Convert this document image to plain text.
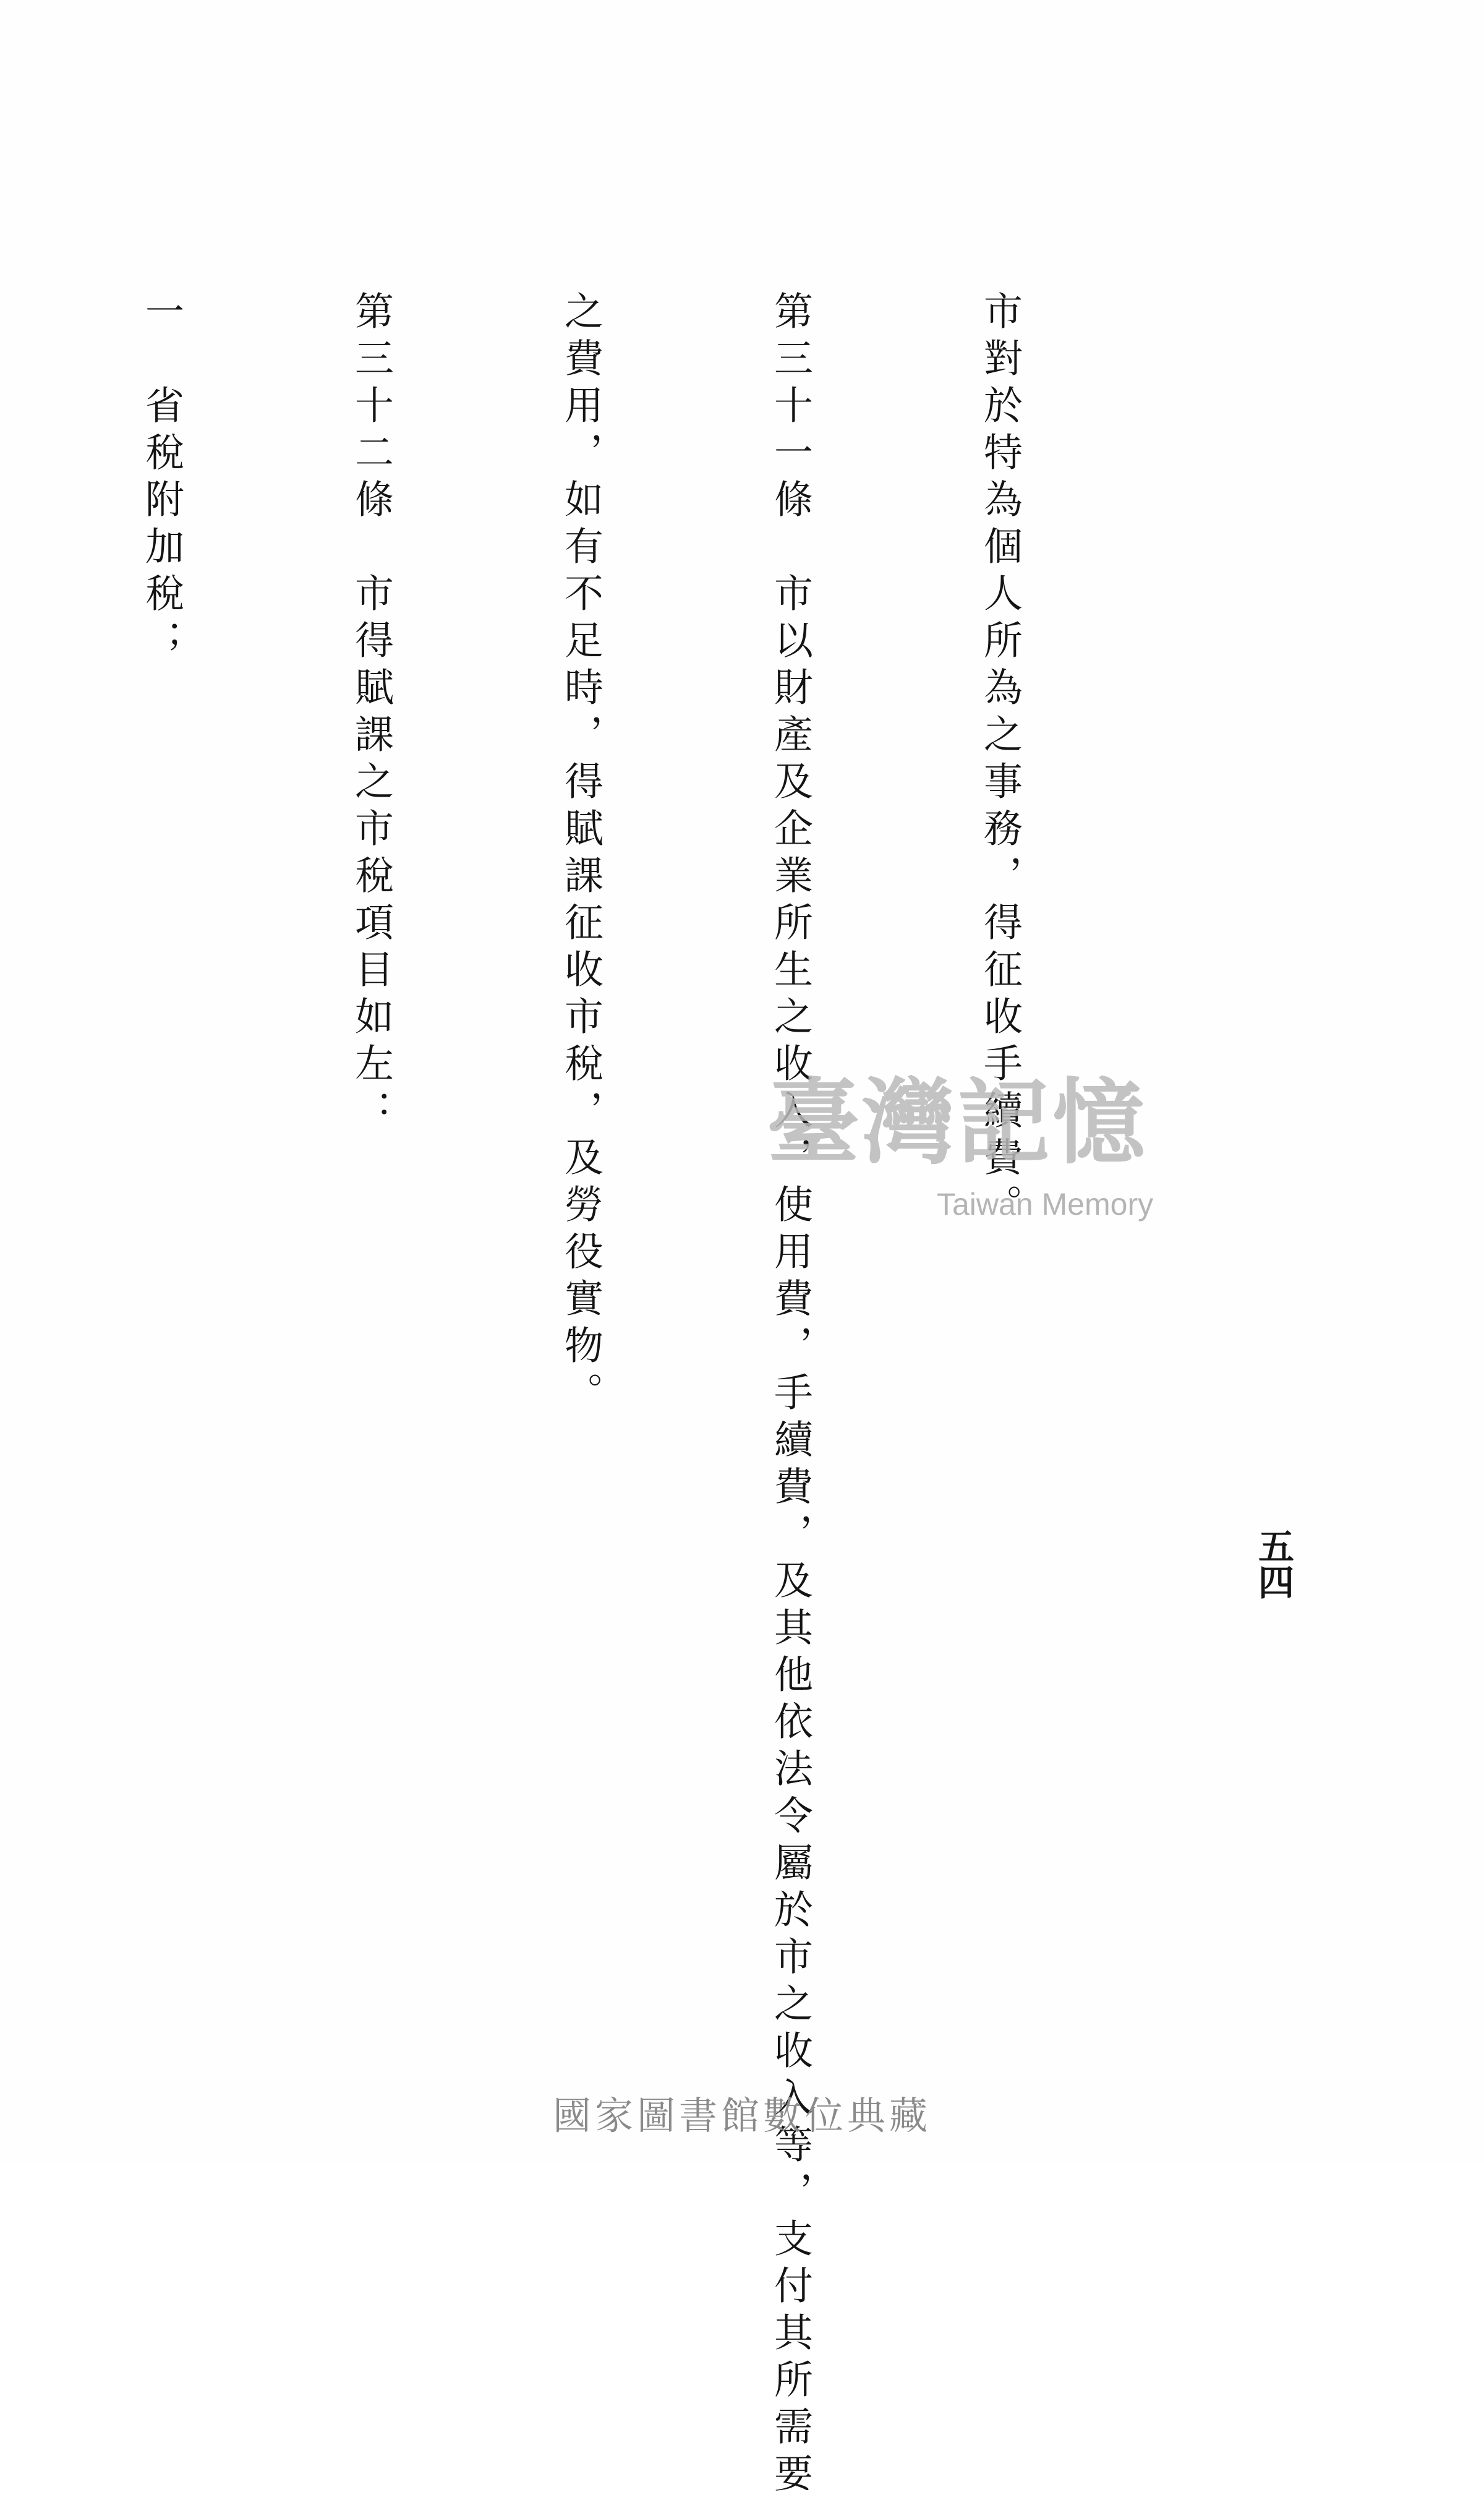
五四

市對於特為個人所為之事務，得征收手續費。

第三十一條　市以財產及企業所生之收入，使用費，手續費，及其他依法令屬於市之收入等，支付其所需要

之費用，如有不足時，得賦課征收市稅，及勞役實物。

第三十二條　市得賦課之市稅項目如左：

一　省稅附加稅；

臺灣記憶
Taiwan Memory
國家圖書館數位典藏
